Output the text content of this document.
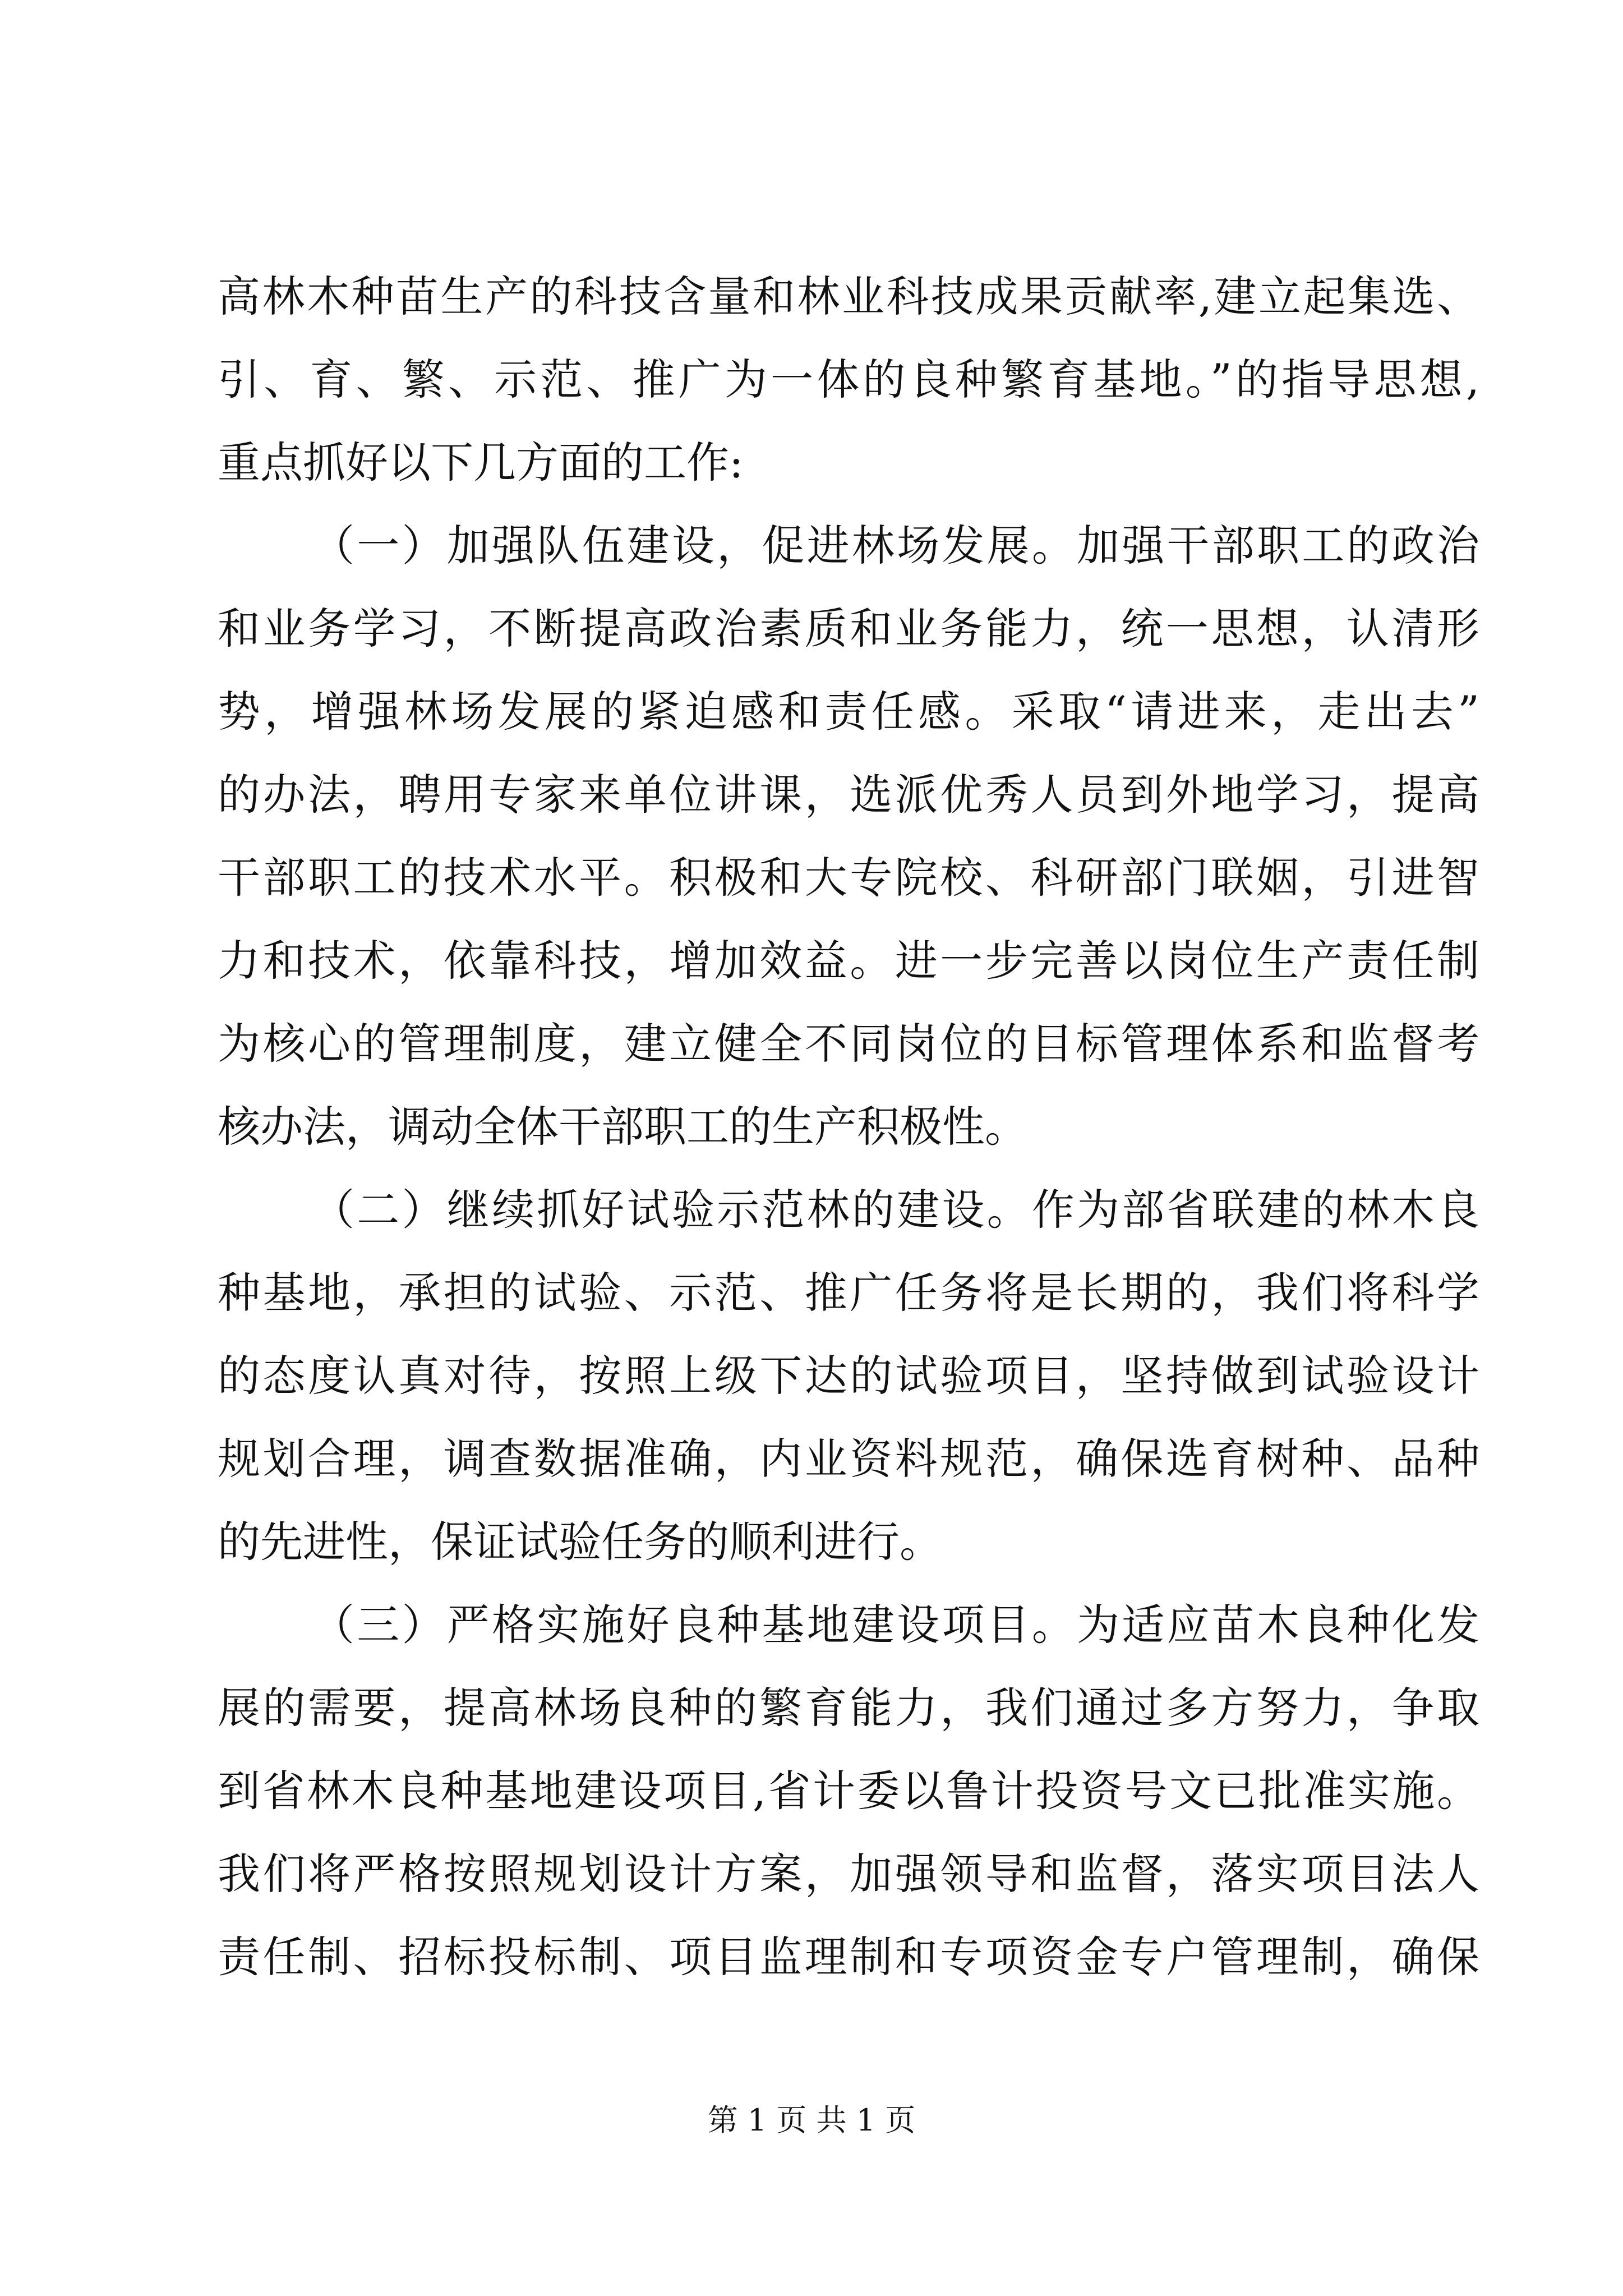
高林木种苗生产的科技含量和林业科技成果贡献率,建立起集选、
引、育、繁、示范、推广为一体的良种繁育基地。”的指导思想,
重点抓好以下几方面的工作:
（一）加强队伍建设，促进林场发展。加强干部职工的政治
和业务学习，不断提高政治素质和业务能力，统一思想，认清形
势，增强林场发展的紧迫感和责任感。采取“请进来，走出去”
的办法，聘用专家来单位讲课，选派优秀人员到外地学习，提高
干部职工的技术水平。积极和大专院校、科研部门联姻，引进智
力和技术，依靠科技，增加效益。进一步完善以岗位生产责任制
为核心的管理制度，建立健全不同岗位的目标管理体系和监督考
核办法，调动全体干部职工的生产积极性。
（二）继续抓好试验示范林的建设。作为部省联建的林木良
种基地，承担的试验、示范、推广任务将是长期的，我们将科学
的态度认真对待，按照上级下达的试验项目，坚持做到试验设计
规划合理，调查数据准确，内业资料规范，确保选育树种、品种
的先进性，保证试验任务的顺利进行。
（三）严格实施好良种基地建设项目。为适应苗木良种化发
展的需要，提高林场良种的繁育能力，我们通过多方努力，争取
到省林木良种基地建设项目,省计委以鲁计投资号文已批准实施。
我们将严格按照规划设计方案，加强领导和监督，落实项目法人
责任制、招标投标制、项目监理制和专项资金专户管理制，确保
第 1 页 共 1 页
